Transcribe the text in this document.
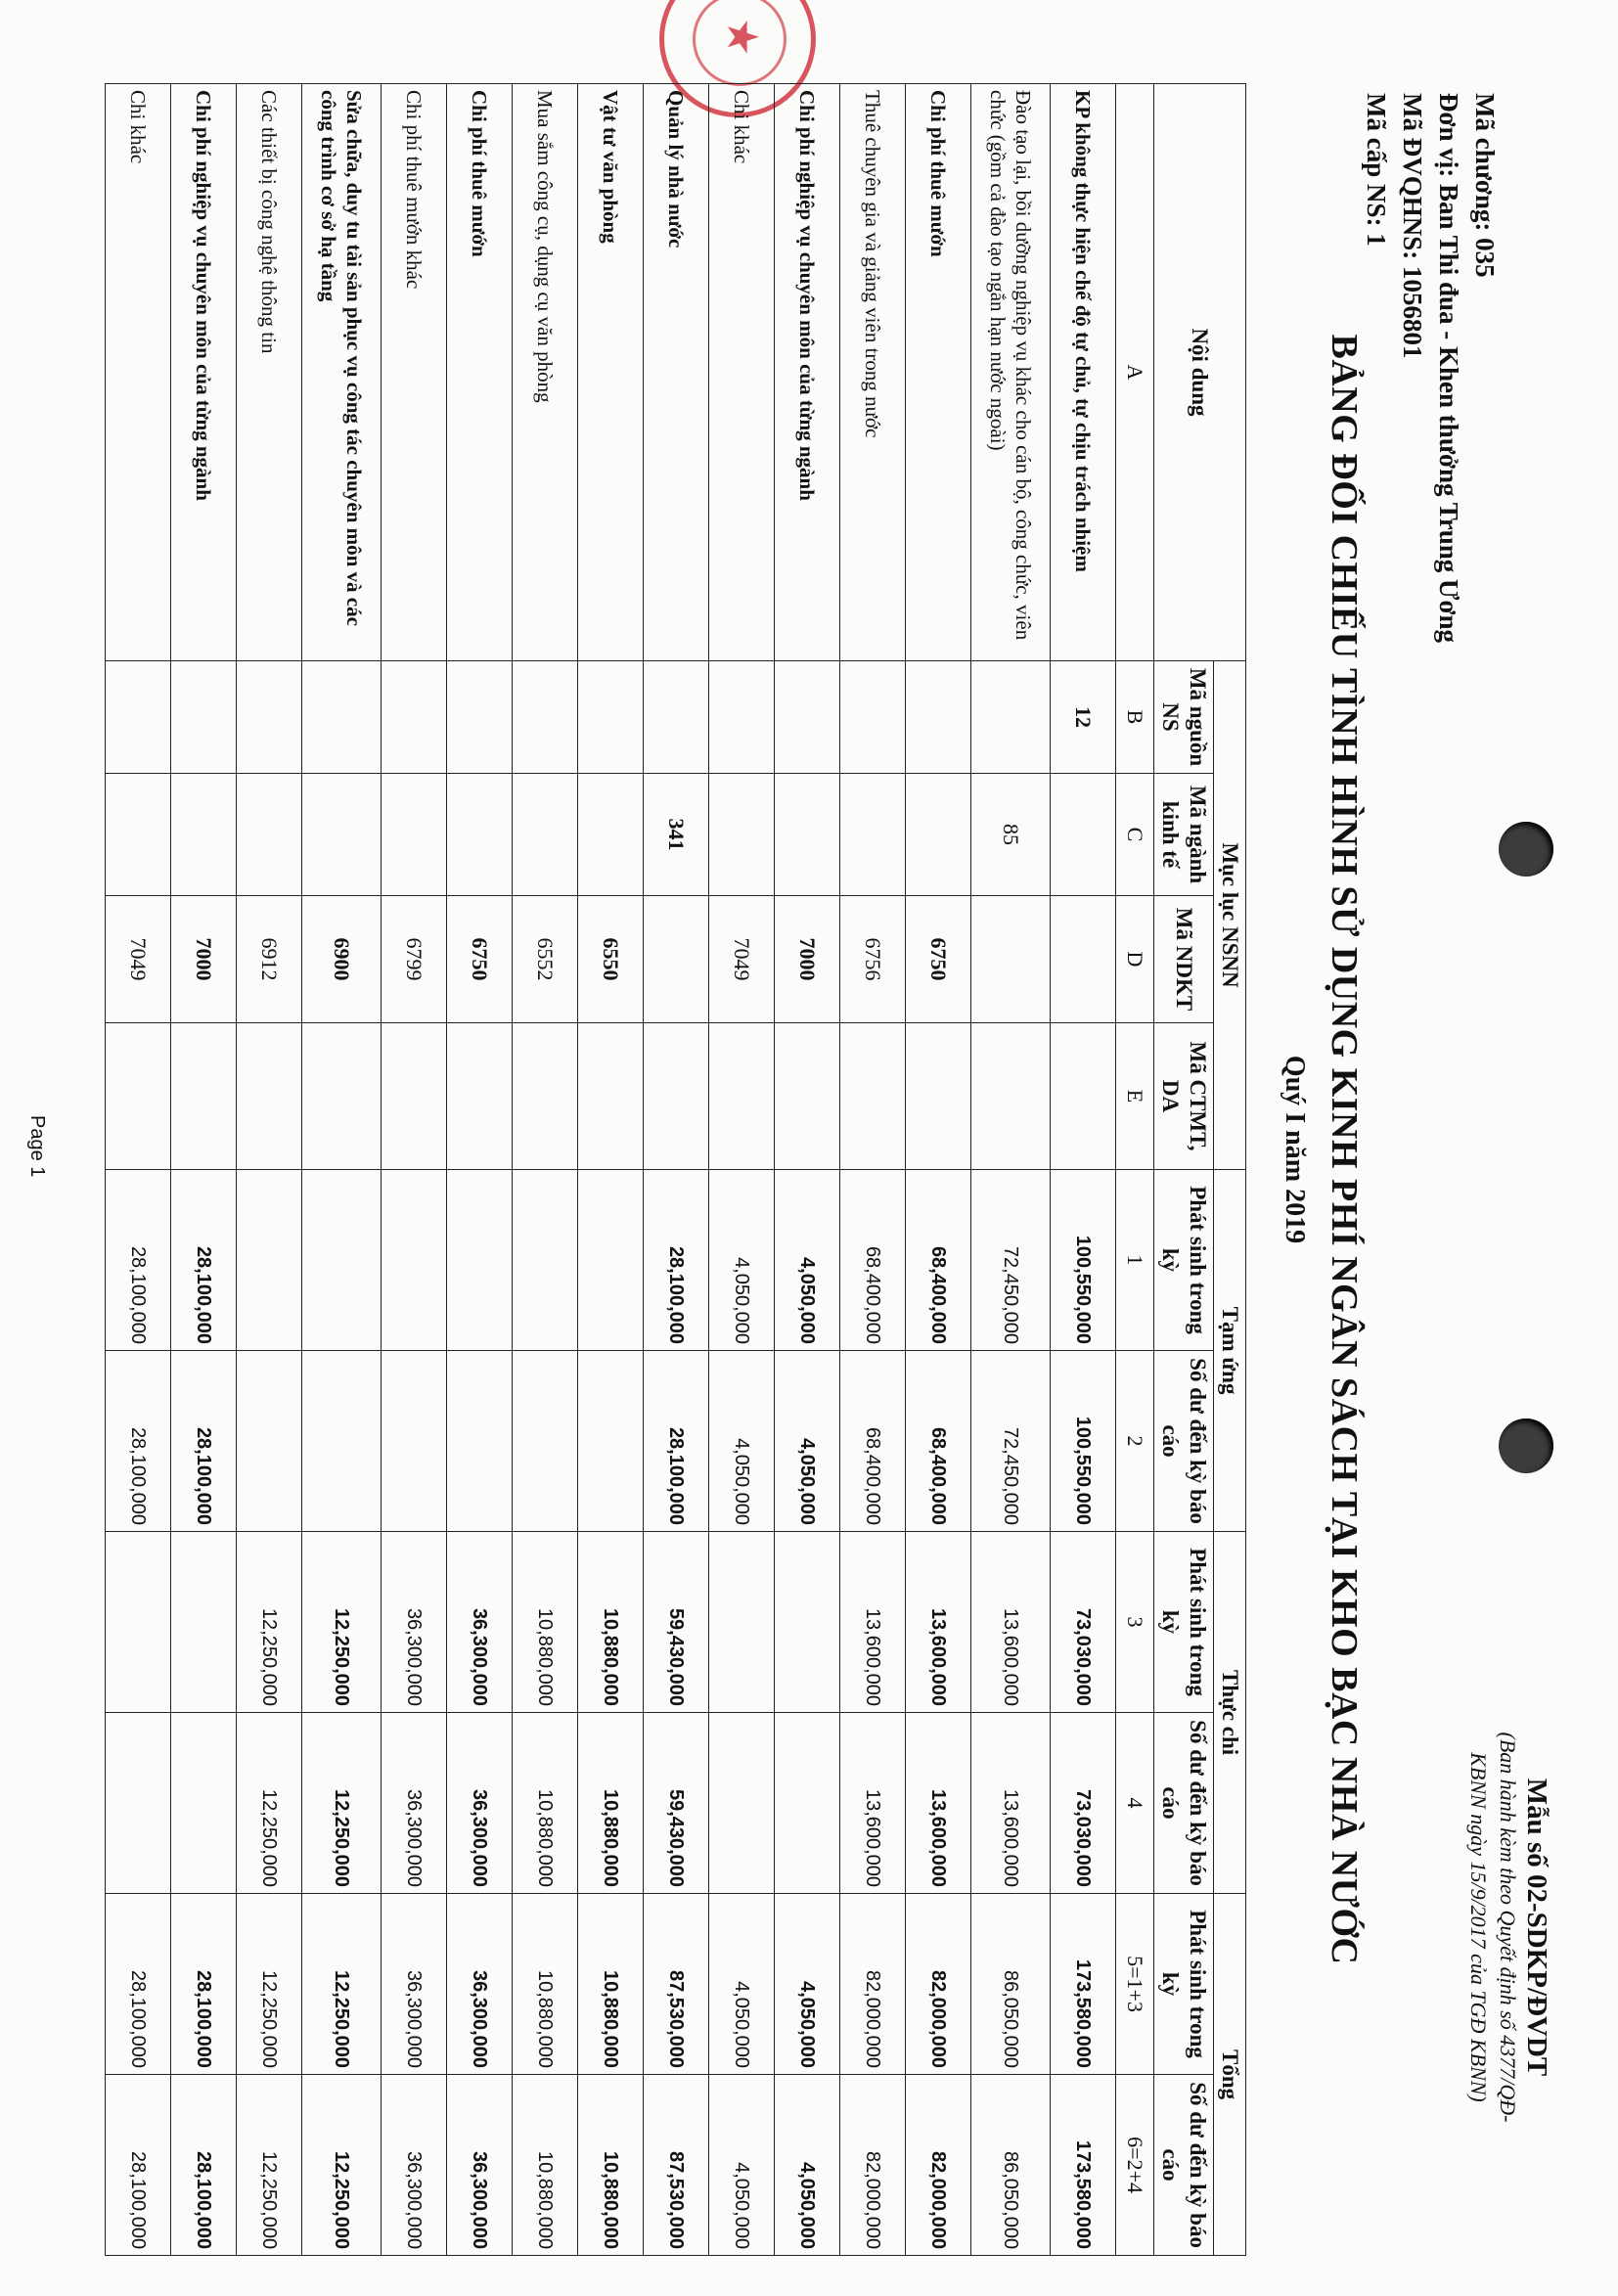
★
Mã chương: 035
Đơn vị: Ban Thi đua - Khen thưởng Trung Ương
Mã ĐVQHNS: 1056801
Mã cấp NS: 1
Mẫu số 02-SDKP/ĐVDT
(Ban hành kèm theo Quyết định số 4377/QĐ-
KBNN ngày 15/9/2017 của TGĐ KBNN)
BẢNG ĐỐI CHIẾU TÌNH HÌNH SỬ DỤNG KINH PHÍ NGÂN SÁCH TẠI KHO BẠC NHÀ NƯỚC
Quý I năm 2019
Nội dung	Mục lục NSNN				Tạm ứng		Thực chi		Tổng	
	Mã nguồn NS	Mã ngành kinh tế	Mã NDKT	Mã CTMT, DA	Phát sinh trong kỳ	Số dư đến kỳ báo cáo	Phát sinh trong kỳ	Số dư đến kỳ báo cáo	Phát sinh trong kỳ	Số dư đến kỳ báo cáo
A	B	C	D	E	1	2	3	4	5=1+3	6=2+4
KP không thực hiện chế độ tự chủ, tự chịu trách nhiệm	12				100,550,000	100,550,000	73,030,000	73,030,000	173,580,000	173,580,000
Đào tạo lại, bồi dưỡng nghiệp vụ khác cho cán bộ, công chức, viên chức (gồm cả đào tạo ngắn hạn nước ngoài)		85			72,450,000	72,450,000	13,600,000	13,600,000	86,050,000	86,050,000
Chi phí thuê mướn			6750		68,400,000	68,400,000	13,600,000	13,600,000	82,000,000	82,000,000
Thuê chuyên gia và giảng viên trong nước			6756		68,400,000	68,400,000	13,600,000	13,600,000	82,000,000	82,000,000
Chi phí nghiệp vụ chuyên môn của từng ngành			7000		4,050,000	4,050,000			4,050,000	4,050,000
Chi khác			7049		4,050,000	4,050,000			4,050,000	4,050,000
Quản lý nhà nước		341			28,100,000	28,100,000	59,430,000	59,430,000	87,530,000	87,530,000
Vật tư văn phòng			6550				10,880,000	10,880,000	10,880,000	10,880,000
Mua sắm công cụ, dụng cụ văn phòng			6552				10,880,000	10,880,000	10,880,000	10,880,000
Chi phí thuê mướn			6750				36,300,000	36,300,000	36,300,000	36,300,000
Chi phí thuê mướn khác			6799				36,300,000	36,300,000	36,300,000	36,300,000
Sửa chữa, duy tu tài sản phục vụ công tác chuyên môn và các công trình cơ sở hạ tầng			6900				12,250,000	12,250,000	12,250,000	12,250,000
Các thiết bị công nghệ thông tin			6912				12,250,000	12,250,000	12,250,000	12,250,000
Chi phí nghiệp vụ chuyên môn của từng ngành			7000		28,100,000	28,100,000			28,100,000	28,100,000
Chi khác			7049		28,100,000	28,100,000			28,100,000	28,100,000
Page 1
